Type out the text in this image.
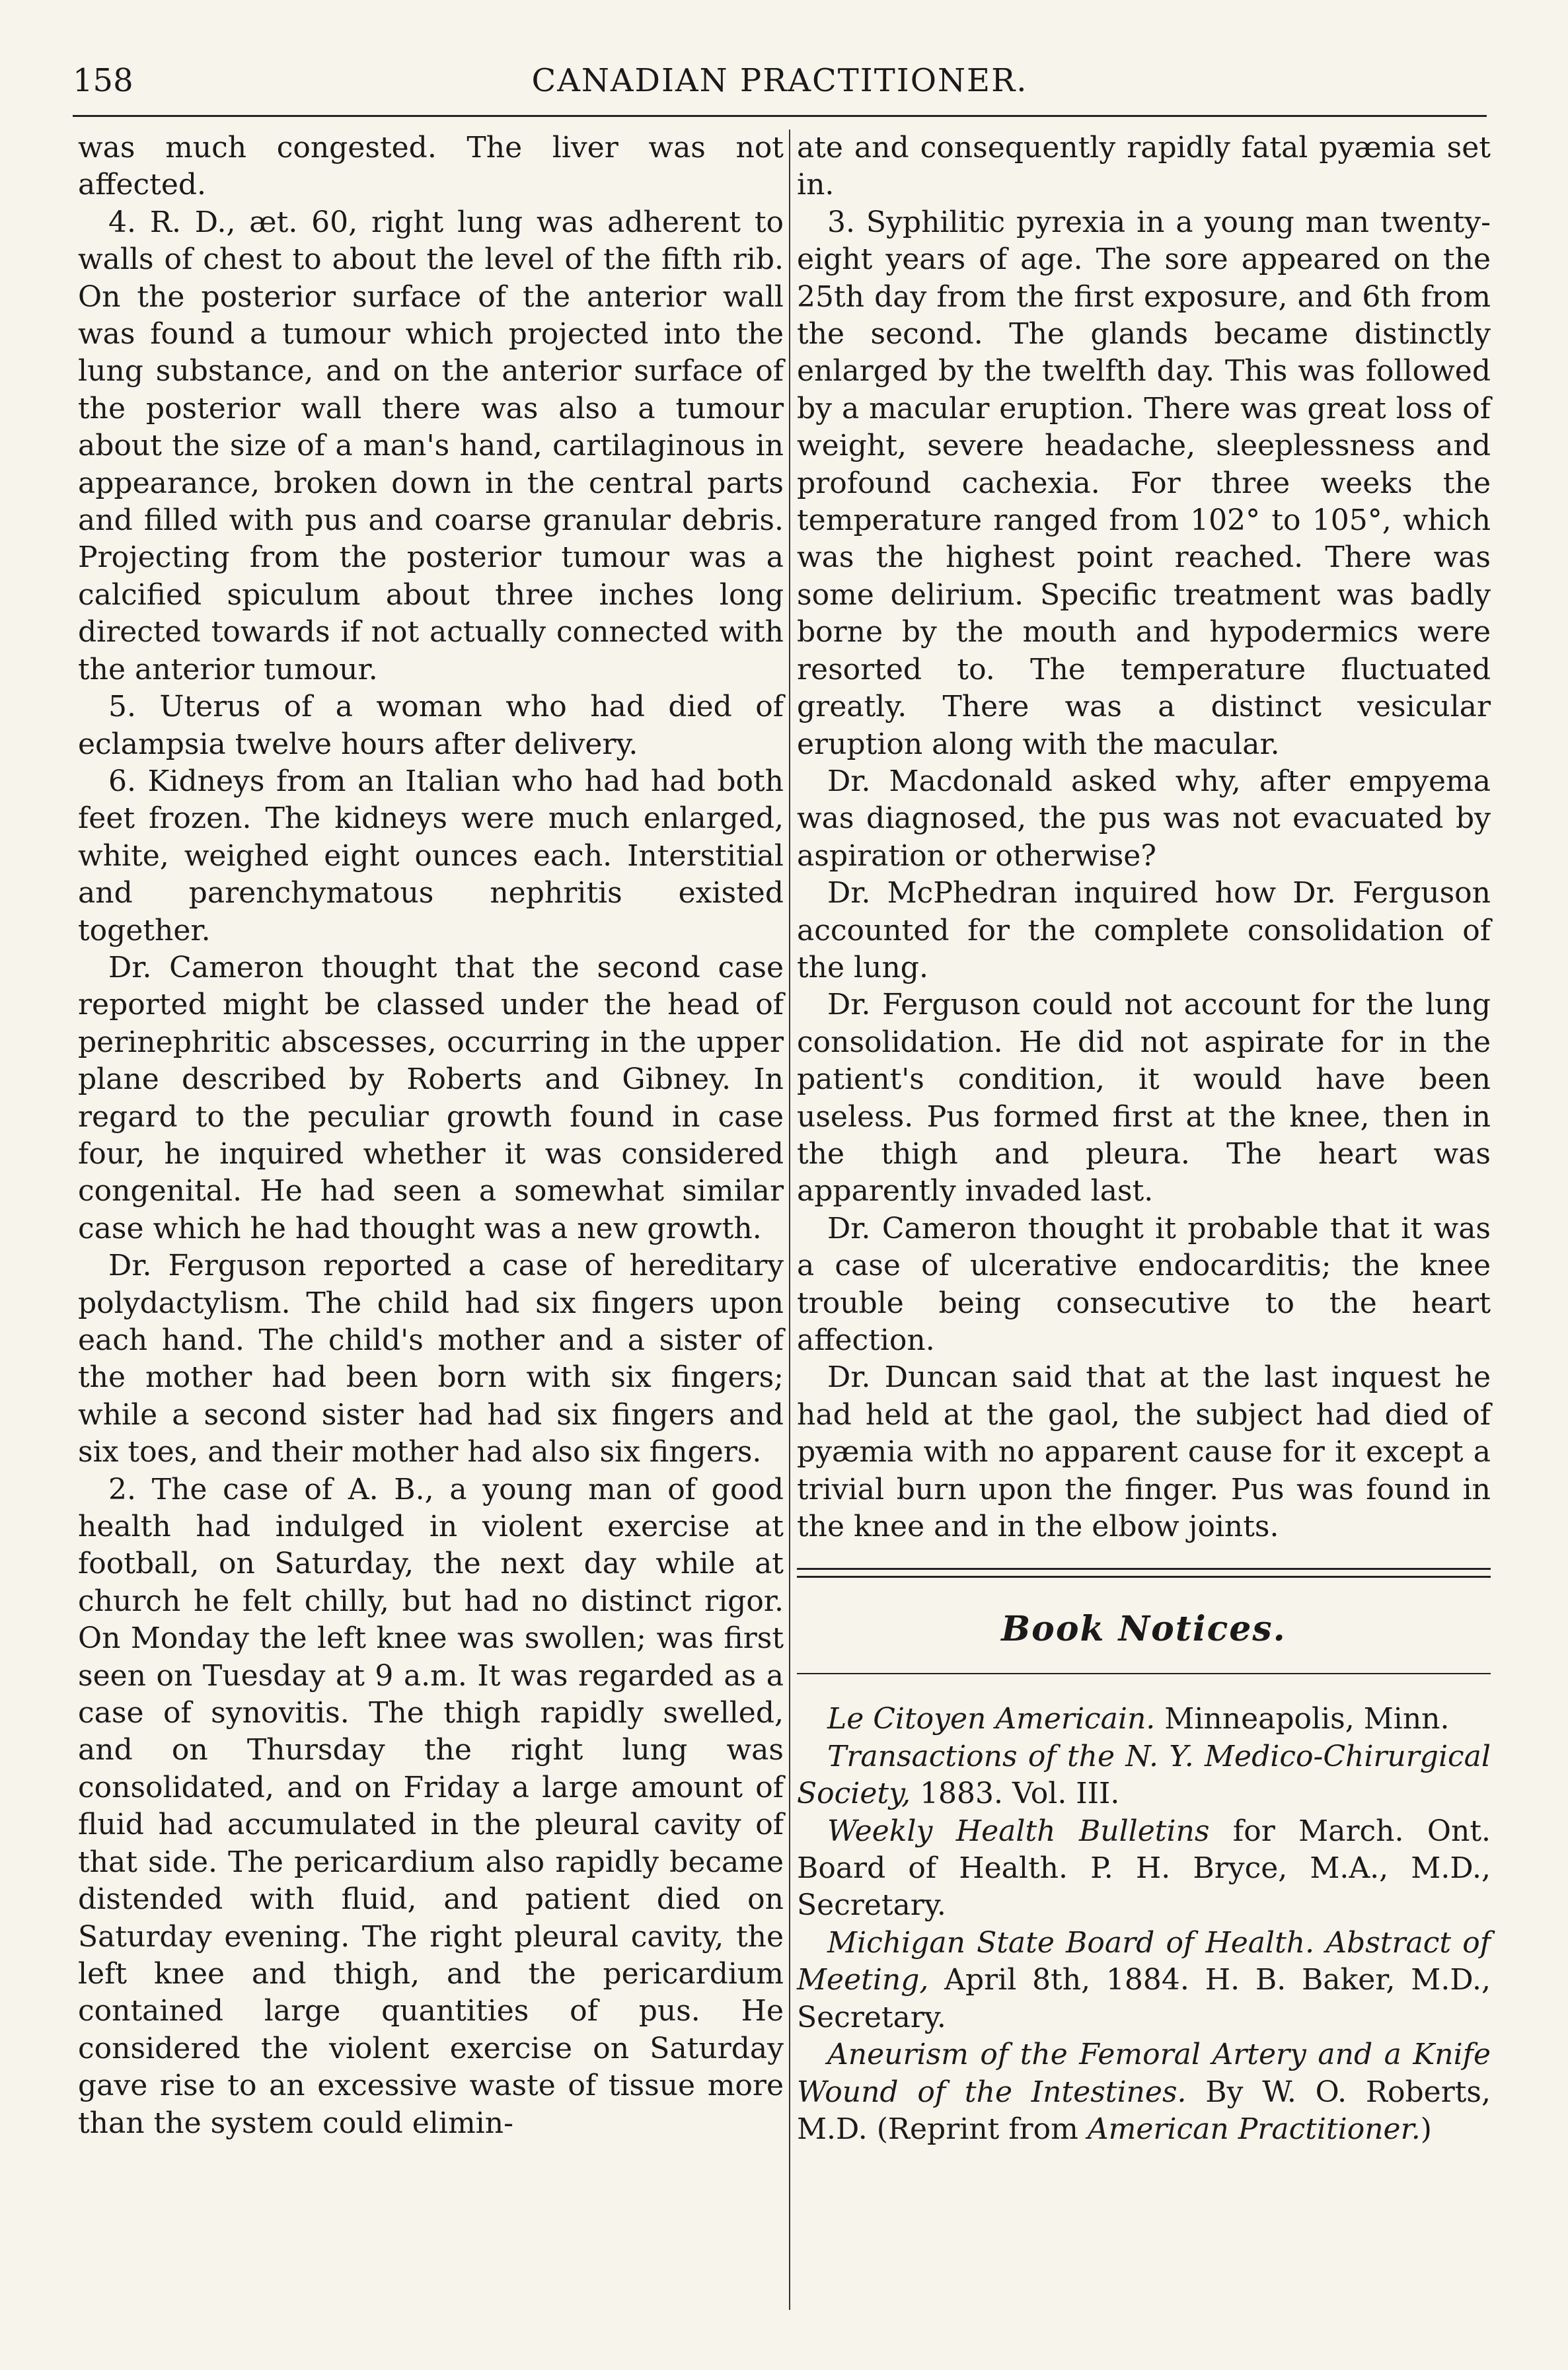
158	CANADIAN PRACTITIONER.

was much congested. The liver was not affected.

4. R. D., æt. 60, right lung was adherent to walls of chest to about the level of the fifth rib. On the posterior surface of the anterior wall was found a tumour which projected into the lung substance, and on the anterior surface of the posterior wall there was also a tumour about the size of a man's hand, cartilaginous in appearance, broken down in the central parts and filled with pus and coarse granular debris. Projecting from the posterior tumour was a calcified spiculum about three inches long directed towards if not actually connected with the anterior tumour.

5. Uterus of a woman who had died of eclampsia twelve hours after delivery.

6. Kidneys from an Italian who had had both feet frozen. The kidneys were much enlarged, white, weighed eight ounces each. Interstitial and parenchymatous nephritis existed together.

Dr. Cameron thought that the second case reported might be classed under the head of perinephritic abscesses, occurring in the upper plane described by Roberts and Gibney. In regard to the peculiar growth found in case four, he inquired whether it was considered congenital. He had seen a somewhat similar case which he had thought was a new growth.

Dr. Ferguson reported a case of hereditary polydactylism. The child had six fingers upon each hand. The child's mother and a sister of the mother had been born with six fingers; while a second sister had had six fingers and six toes, and their mother had also six fingers.

2. The case of A. B., a young man of good health had indulged in violent exercise at football, on Saturday, the next day while at church he felt chilly, but had no distinct rigor. On Monday the left knee was swollen; was first seen on Tuesday at 9 a.m. It was regarded as a case of synovitis. The thigh rapidly swelled, and on Thursday the right lung was consolidated, and on Friday a large amount of fluid had accumulated in the pleural cavity of that side. The pericardium also rapidly became distended with fluid, and patient died on Saturday evening. The right pleural cavity, the left knee and thigh, and the pericardium contained large quantities of pus. He considered the violent exercise on Saturday gave rise to an excessive waste of tissue more than the system could elimin-

ate and consequently rapidly fatal pyæmia set in.

3. Syphilitic pyrexia in a young man twenty-eight years of age. The sore appeared on the 25th day from the first exposure, and 6th from the second. The glands became distinctly enlarged by the twelfth day. This was followed by a macular eruption. There was great loss of weight, severe headache, sleeplessness and profound cachexia. For three weeks the temperature ranged from 102° to 105°, which was the highest point reached. There was some delirium. Specific treatment was badly borne by the mouth and hypodermics were resorted to. The temperature fluctuated greatly. There was a distinct vesicular eruption along with the macular.

Dr. Macdonald asked why, after empyema was diagnosed, the pus was not evacuated by aspiration or otherwise?

Dr. McPhedran inquired how Dr. Ferguson accounted for the complete consolidation of the lung.

Dr. Ferguson could not account for the lung consolidation. He did not aspirate for in the patient's condition, it would have been useless. Pus formed first at the knee, then in the thigh and pleura. The heart was apparently invaded last.

Dr. Cameron thought it probable that it was a case of ulcerative endocarditis; the knee trouble being consecutive to the heart affection.

Dr. Duncan said that at the last inquest he had held at the gaol, the subject had died of pyæmia with no apparent cause for it except a trivial burn upon the finger. Pus was found in the knee and in the elbow joints.

Book Notices.

Le Citoyen Americain. Minneapolis, Minn.

Transactions of the N. Y. Medico-Chirurgical Society, 1883. Vol. III.

Weekly Health Bulletins for March. Ont. Board of Health. P. H. Bryce, M.A., M.D., Secretary.

Michigan State Board of Health. Abstract of Meeting, April 8th, 1884. H. B. Baker, M.D., Secretary.

Aneurism of the Femoral Artery and a Knife Wound of the Intestines. By W. O. Roberts, M.D. (Reprint from American Practitioner.)
